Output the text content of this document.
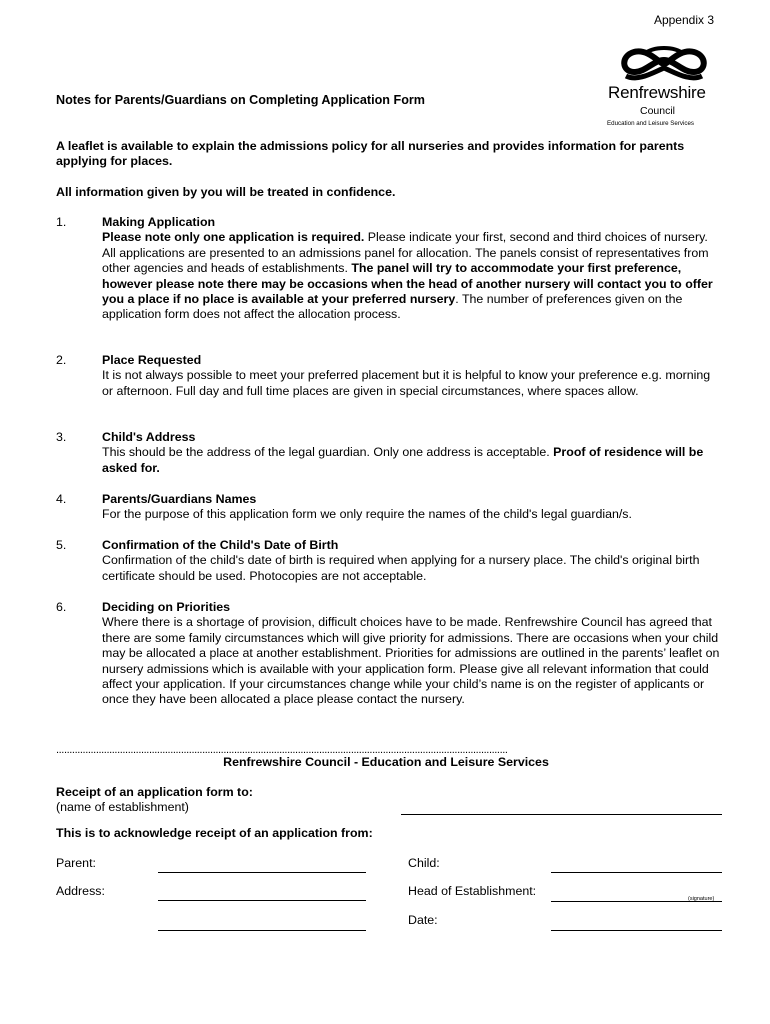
Appendix 3
Renfrewshire
Council
Education and Leisure Services
Notes for Parents/Guardians on Completing Application Form
A leaflet is available to explain the admissions policy for all nurseries and provides information for parents applying for places.
All information given by you will be treated in confidence.
1.	Making Application
Please note only one application is required. Please indicate your first, second and third choices of nursery. All applications are presented to an admissions panel for allocation. The panels consist of representatives from other agencies and heads of establishments. The panel will try to accommodate your first preference, however please note there may be occasions when the head of another nursery will contact you to offer you a place if no place is available at your preferred nursery. The number of preferences given on the application form does not affect the allocation process.
2.	Place Requested
It is not always possible to meet your preferred placement but it is helpful to know your preference e.g. morning or afternoon. Full day and full time places are given in special circumstances, where spaces allow.
3.	Child's Address
This should be the address of the legal guardian. Only one address is acceptable. Proof of residence will be asked for.
4.	Parents/Guardians Names
For the purpose of this application form we only require the names of the child's legal guardian/s.
5.	Confirmation of the Child's Date of Birth
Confirmation of the child's date of birth is required when applying for a nursery place. The child's original birth certificate should be used. Photocopies are not acceptable.
6.	Deciding on Priorities
Where there is a shortage of provision, difficult choices have to be made. Renfrewshire Council has agreed that there are some family circumstances which will give priority for admissions. There are occasions when your child may be allocated a place at another establishment. Priorities for admissions are outlined in the parents’ leaflet on nursery admissions which is available with your application form. Please give all relevant information that could affect your application. If your circumstances change while your child’s name is on the register of applicants or once they have been allocated a place please contact the nursery.
..........................................................................................................................................................................
Renfrewshire Council - Education and Leisure Services
Receipt of an application form to:
(name of establishment)
This is to acknowledge receipt of an application from:
Parent:	Child:
Address:	Head of Establishment:
(signature)
Date:
